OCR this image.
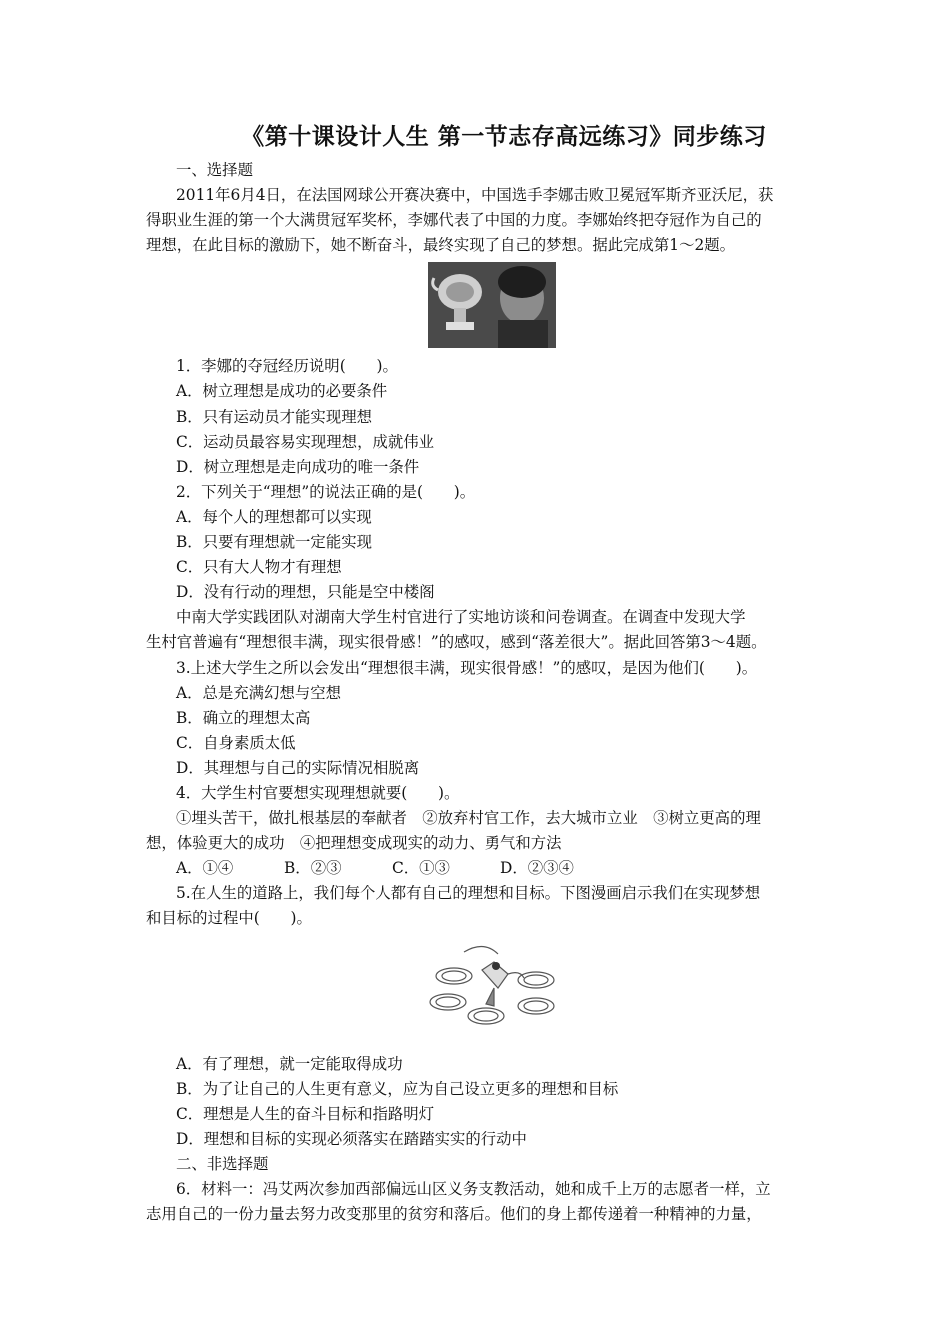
《第十课设计人生 第一节志存高远练习》同步练习
一、选择题
2011年6月4日，在法国网球公开赛决赛中，中国选手李娜击败卫冕冠军斯齐亚沃尼，获
得职业生涯的第一个大满贯冠军奖杯，李娜代表了中国的力度。李娜始终把夺冠作为自己的
理想，在此目标的激励下，她不断奋斗，最终实现了自己的梦想。据此完成第1～2题。
1．李娜的夺冠经历说明(　　)。
A．树立理想是成功的必要条件
B．只有运动员才能实现理想
C．运动员最容易实现理想，成就伟业
D．树立理想是走向成功的唯一条件
2．下列关于“理想”的说法正确的是(　　)。
A．每个人的理想都可以实现
B．只要有理想就一定能实现
C．只有大人物才有理想
D．没有行动的理想，只能是空中楼阁
中南大学实践团队对湖南大学生村官进行了实地访谈和问卷调查。在调查中发现大学
生村官普遍有“理想很丰满，现实很骨感！”的感叹，感到“落差很大”。据此回答第3～4题。
3.上述大学生之所以会发出“理想很丰满，现实很骨感！”的感叹，是因为他们(　　)。
A．总是充满幻想与空想
B．确立的理想太高
C．自身素质太低
D．其理想与自己的实际情况相脱离
4．大学生村官要想实现理想就要(　　)。
①埋头苦干，做扎根基层的奉献者　②放弃村官工作，去大城市立业　③树立更高的理
想，体验更大的成功　④把理想变成现实的动力、勇气和方法
A．①④	B．②③	C．①③	D．②③④
5.在人生的道路上，我们每个人都有自己的理想和目标。下图漫画启示我们在实现梦想
和目标的过程中(　　)。
A．有了理想，就一定能取得成功
B．为了让自己的人生更有意义，应为自己设立更多的理想和目标
C．理想是人生的奋斗目标和指路明灯
D．理想和目标的实现必须落实在踏踏实实的行动中
二、非选择题
6．材料一：冯艾两次参加西部偏远山区义务支教活动，她和成千上万的志愿者一样，立
志用自己的一份力量去努力改变那里的贫穷和落后。他们的身上都传递着一种精神的力量，
